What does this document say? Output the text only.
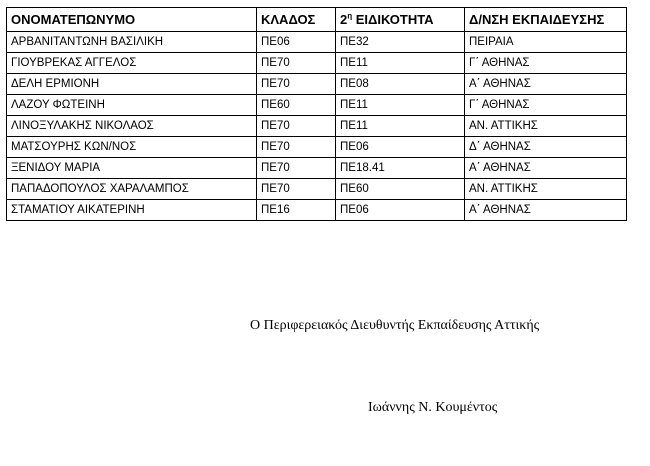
ΟΝΟΜΑΤΕΠΩΝΥΜΟ	ΚΛΑΔΟΣ	$2^\eta$ ΕΙΔΙΚΟΤΗΤΑ	Δ/ΝΣΗ ΕΚΠΑΙΔΕΥΣΗΣ
ΑΡΒΑΝΙΤΑΝΤΩΝΗ ΒΑΣΙΛΙΚΗ	ΠΕ06	ΠΕ32	ΠΕΙΡΑΙΑ
ΓΙΟΥΒΡΕΚΑΣ ΑΓΓΕΛΟΣ	ΠΕ70	ΠΕ11	Γ΄ ΑΘΗΝΑΣ
ΔΕΛΗ ΕΡΜΙΟΝΗ	ΠΕ70	ΠΕ08	Α΄ ΑΘΗΝΑΣ
ΛΑΖΟΥ ΦΩΤΕΙΝΗ	ΠΕ60	ΠΕ11	Γ΄ ΑΘΗΝΑΣ
ΛΙΝΟΞΥΛΑΚΗΣ ΝΙΚΟΛΑΟΣ	ΠΕ70	ΠΕ11	ΑΝ. ΑΤΤΙΚΗΣ
ΜΑΤΣΟΥΡΗΣ ΚΩΝ/ΝΟΣ	ΠΕ70	ΠΕ06	Δ΄ ΑΘΗΝΑΣ
ΞΕΝΙΔΟΥ ΜΑΡΙΑ	ΠΕ70	ΠΕ18.41	Α΄ ΑΘΗΝΑΣ
ΠΑΠΑΔΟΠΟΥΛΟΣ ΧΑΡΑΛΑΜΠΟΣ	ΠΕ70	ΠΕ60	ΑΝ. ΑΤΤΙΚΗΣ
ΣΤΑΜΑΤΙΟΥ ΑΙΚΑΤΕΡΙΝΗ	ΠΕ16	ΠΕ06	Α΄ ΑΘΗΝΑΣ
Ο Περιφερειακός Διευθυντής Εκπαίδευσης Αττικής
Ιωάννης Ν. Κουμέντος
